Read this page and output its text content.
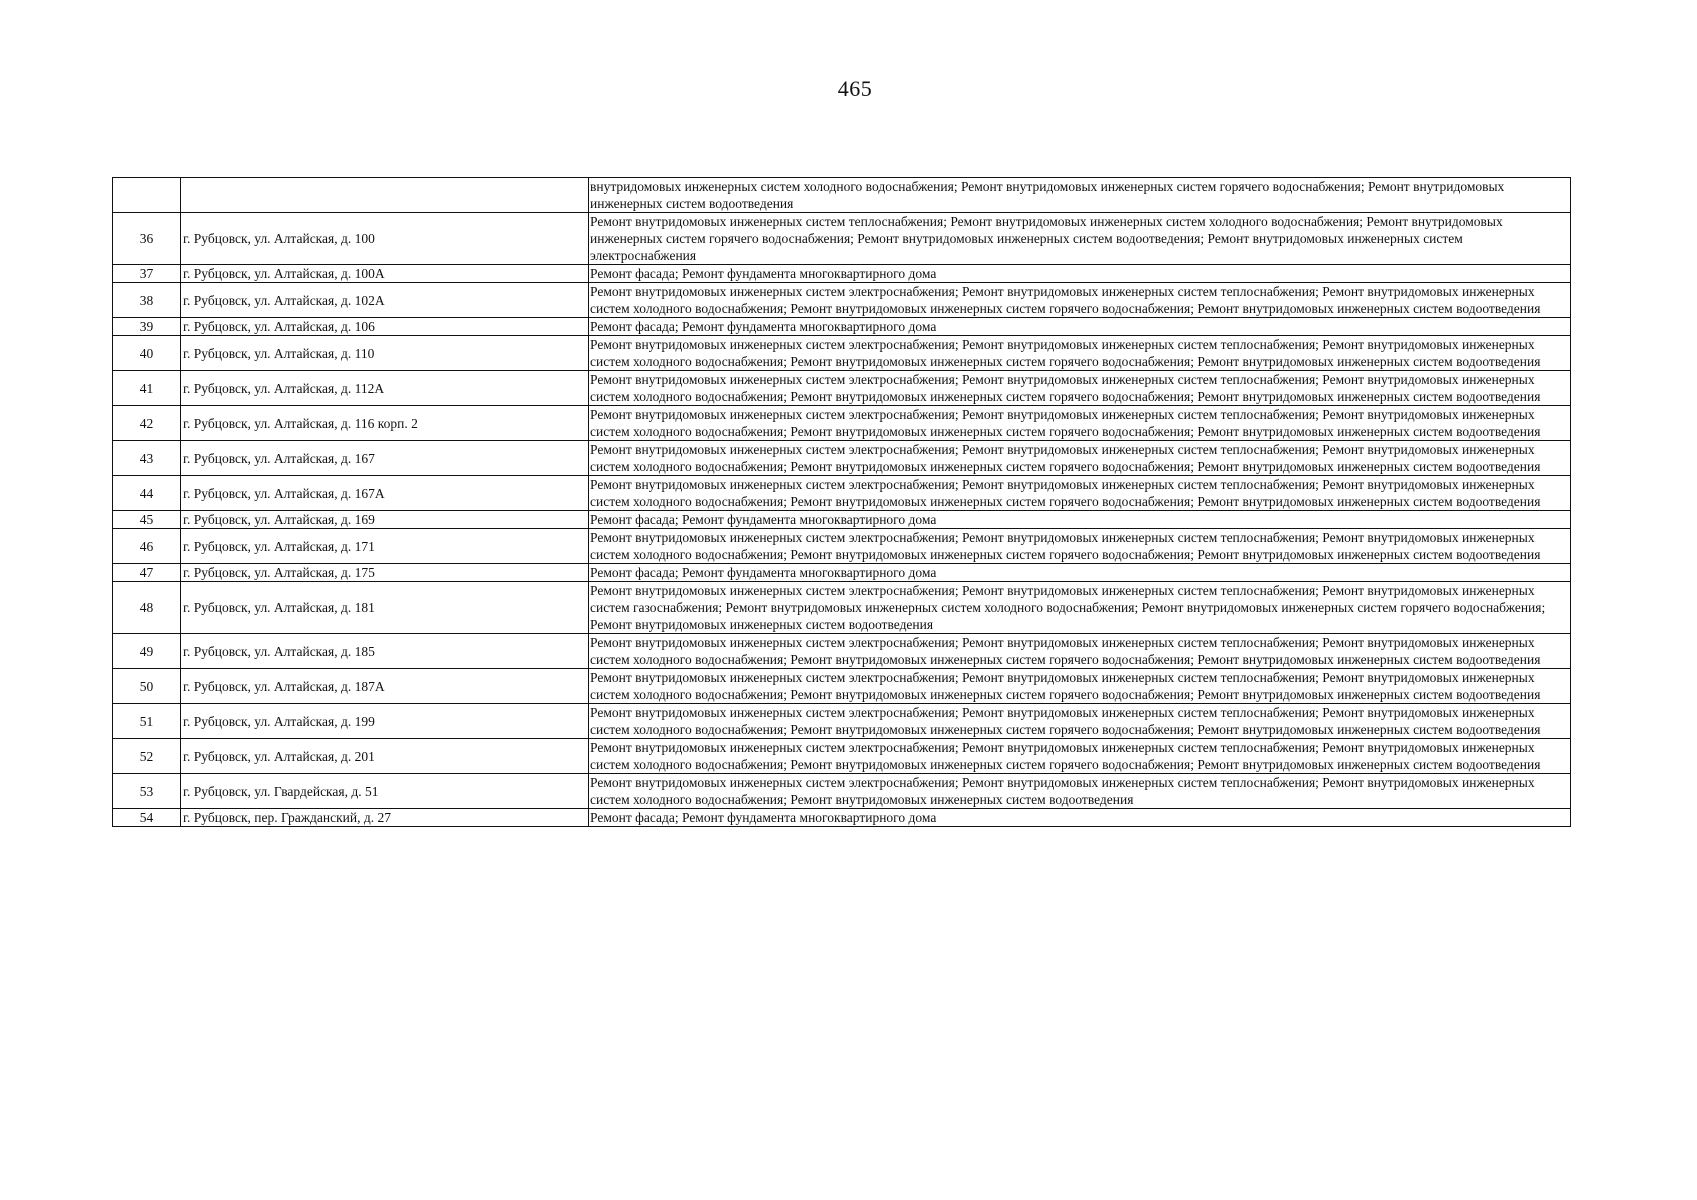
465
		внутридомовых инженерных систем холодного водоснабжения; Ремонт внутридомовых инженерных систем горячего водоснабжения; Ремонт внутридомовых инженерных систем водоотведения
36	г. Рубцовск, ул. Алтайская, д. 100	Ремонт внутридомовых инженерных систем теплоснабжения; Ремонт внутридомовых инженерных систем холодного водоснабжения; Ремонт внутридомовых инженерных систем горячего водоснабжения; Ремонт внутридомовых инженерных систем водоотведения; Ремонт внутридомовых инженерных систем электроснабжения
37	г. Рубцовск, ул. Алтайская, д. 100А	Ремонт фасада; Ремонт фундамента многоквартирного дома
38	г. Рубцовск, ул. Алтайская, д. 102А	Ремонт внутридомовых инженерных систем электроснабжения; Ремонт внутридомовых инженерных систем теплоснабжения; Ремонт внутридомовых инженерных систем холодного водоснабжения; Ремонт внутридомовых инженерных систем горячего водоснабжения; Ремонт внутридомовых инженерных систем водоотведения
39	г. Рубцовск, ул. Алтайская, д. 106	Ремонт фасада; Ремонт фундамента многоквартирного дома
40	г. Рубцовск, ул. Алтайская, д. 110	Ремонт внутридомовых инженерных систем электроснабжения; Ремонт внутридомовых инженерных систем теплоснабжения; Ремонт внутридомовых инженерных систем холодного водоснабжения; Ремонт внутридомовых инженерных систем горячего водоснабжения; Ремонт внутридомовых инженерных систем водоотведения
41	г. Рубцовск, ул. Алтайская, д. 112А	Ремонт внутридомовых инженерных систем электроснабжения; Ремонт внутридомовых инженерных систем теплоснабжения; Ремонт внутридомовых инженерных систем холодного водоснабжения; Ремонт внутридомовых инженерных систем горячего водоснабжения; Ремонт внутридомовых инженерных систем водоотведения
42	г. Рубцовск, ул. Алтайская, д. 116 корп. 2	Ремонт внутридомовых инженерных систем электроснабжения; Ремонт внутридомовых инженерных систем теплоснабжения; Ремонт внутридомовых инженерных систем холодного водоснабжения; Ремонт внутридомовых инженерных систем горячего водоснабжения; Ремонт внутридомовых инженерных систем водоотведения
43	г. Рубцовск, ул. Алтайская, д. 167	Ремонт внутридомовых инженерных систем электроснабжения; Ремонт внутридомовых инженерных систем теплоснабжения; Ремонт внутридомовых инженерных систем холодного водоснабжения; Ремонт внутридомовых инженерных систем горячего водоснабжения; Ремонт внутридомовых инженерных систем водоотведения
44	г. Рубцовск, ул. Алтайская, д. 167А	Ремонт внутридомовых инженерных систем электроснабжения; Ремонт внутридомовых инженерных систем теплоснабжения; Ремонт внутридомовых инженерных систем холодного водоснабжения; Ремонт внутридомовых инженерных систем горячего водоснабжения; Ремонт внутридомовых инженерных систем водоотведения
45	г. Рубцовск, ул. Алтайская, д. 169	Ремонт фасада; Ремонт фундамента многоквартирного дома
46	г. Рубцовск, ул. Алтайская, д. 171	Ремонт внутридомовых инженерных систем электроснабжения; Ремонт внутридомовых инженерных систем теплоснабжения; Ремонт внутридомовых инженерных систем холодного водоснабжения; Ремонт внутридомовых инженерных систем горячего водоснабжения; Ремонт внутридомовых инженерных систем водоотведения
47	г. Рубцовск, ул. Алтайская, д. 175	Ремонт фасада; Ремонт фундамента многоквартирного дома
48	г. Рубцовск, ул. Алтайская, д. 181	Ремонт внутридомовых инженерных систем электроснабжения; Ремонт внутридомовых инженерных систем теплоснабжения; Ремонт внутридомовых инженерных систем газоснабжения; Ремонт внутридомовых инженерных систем холодного водоснабжения; Ремонт внутридомовых инженерных систем горячего водоснабжения; Ремонт внутридомовых инженерных систем водоотведения
49	г. Рубцовск, ул. Алтайская, д. 185	Ремонт внутридомовых инженерных систем электроснабжения; Ремонт внутридомовых инженерных систем теплоснабжения; Ремонт внутридомовых инженерных систем холодного водоснабжения; Ремонт внутридомовых инженерных систем горячего водоснабжения; Ремонт внутридомовых инженерных систем водоотведения
50	г. Рубцовск, ул. Алтайская, д. 187А	Ремонт внутридомовых инженерных систем электроснабжения; Ремонт внутридомовых инженерных систем теплоснабжения; Ремонт внутридомовых инженерных систем холодного водоснабжения; Ремонт внутридомовых инженерных систем горячего водоснабжения; Ремонт внутридомовых инженерных систем водоотведения
51	г. Рубцовск, ул. Алтайская, д. 199	Ремонт внутридомовых инженерных систем электроснабжения; Ремонт внутридомовых инженерных систем теплоснабжения; Ремонт внутридомовых инженерных систем холодного водоснабжения; Ремонт внутридомовых инженерных систем горячего водоснабжения; Ремонт внутридомовых инженерных систем водоотведения
52	г. Рубцовск, ул. Алтайская, д. 201	Ремонт внутридомовых инженерных систем электроснабжения; Ремонт внутридомовых инженерных систем теплоснабжения; Ремонт внутридомовых инженерных систем холодного водоснабжения; Ремонт внутридомовых инженерных систем горячего водоснабжения; Ремонт внутридомовых инженерных систем водоотведения
53	г. Рубцовск, ул. Гвардейская, д. 51	Ремонт внутридомовых инженерных систем электроснабжения; Ремонт внутридомовых инженерных систем теплоснабжения; Ремонт внутридомовых инженерных систем холодного водоснабжения; Ремонт внутридомовых инженерных систем водоотведения
54	г. Рубцовск, пер. Гражданский, д. 27	Ремонт фасада; Ремонт фундамента многоквартирного дома
